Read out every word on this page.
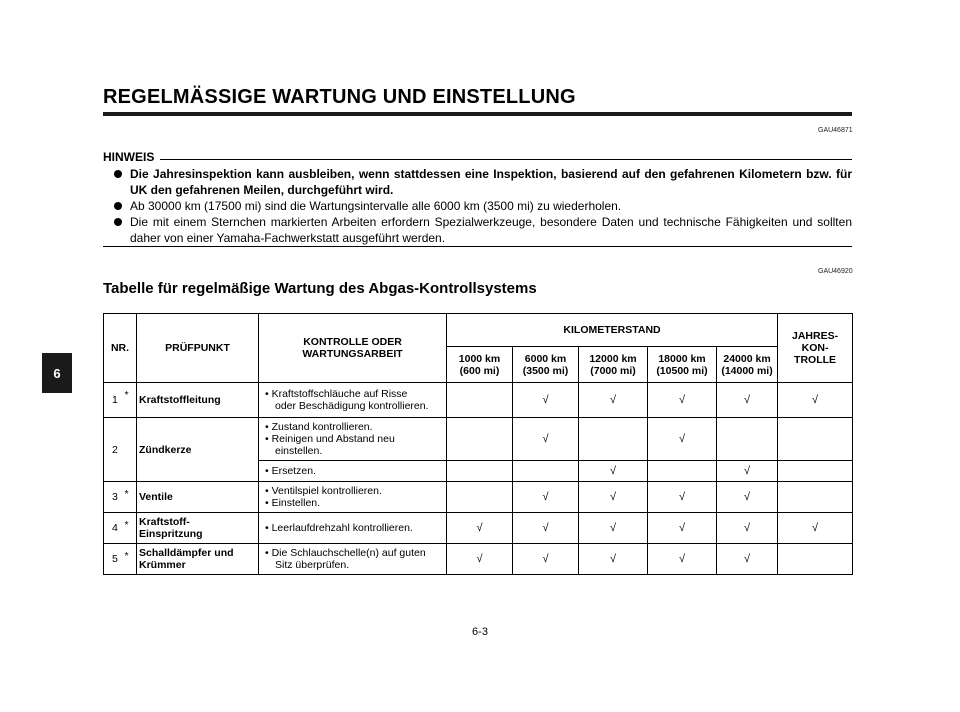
REGELMÄSSIGE WARTUNG UND EINSTELLUNG
GAU46871
HINWEIS
Die Jahresinspektion kann ausbleiben, wenn stattdessen eine Inspektion, basierend auf den gefahrenen Kilometern bzw. für UK den gefahrenen Meilen, durchgeführt wird.
Ab 30000 km (17500 mi) sind die Wartungsintervalle alle 6000 km (3500 mi) zu wiederholen.
Die mit einem Sternchen markierten Arbeiten erfordern Spezialwerkzeuge, besondere Daten und technische Fähigkeiten und sollten daher von einer Yamaha-Fachwerkstatt ausgeführt werden.
GAU46920
Tabelle für regelmäßige Wartung des Abgas-Kontrollsystems
6
NR.		PRÜFPUNKT	KONTROLLE ODER
WARTUNGSARBEIT	KILOMETERSTAND					JAHRES-
KON-
TROLLE

				1000 km
(600 mi)	6000 km
(3500 mi)	12000 km
(7000 mi)	18000 km
(10500 mi)	24000 km
(14000 mi)	

1	*	Kraftstoffleitung	• Kraftstoffschläuche auf Risse
oder Beschädigung kontrollieren.		√	√	√	√	√
2		Zündkerze	• Zustand kontrollieren.
• Reinigen und Abstand neu
einstellen.		√		√		
			• Ersetzen.			√		√	
3	*	Ventile	• Ventilspiel kontrollieren.
• Einstellen.		√	√	√	√	
4	*	Kraftstoff-
Einspritzung	• Leerlaufdrehzahl kontrollieren.	√	√	√	√	√	√
5	*	Schalldämpfer und
Krümmer	• Die Schlauchschelle(n) auf guten
Sitz überprüfen.	√	√	√	√	√	
6-3
